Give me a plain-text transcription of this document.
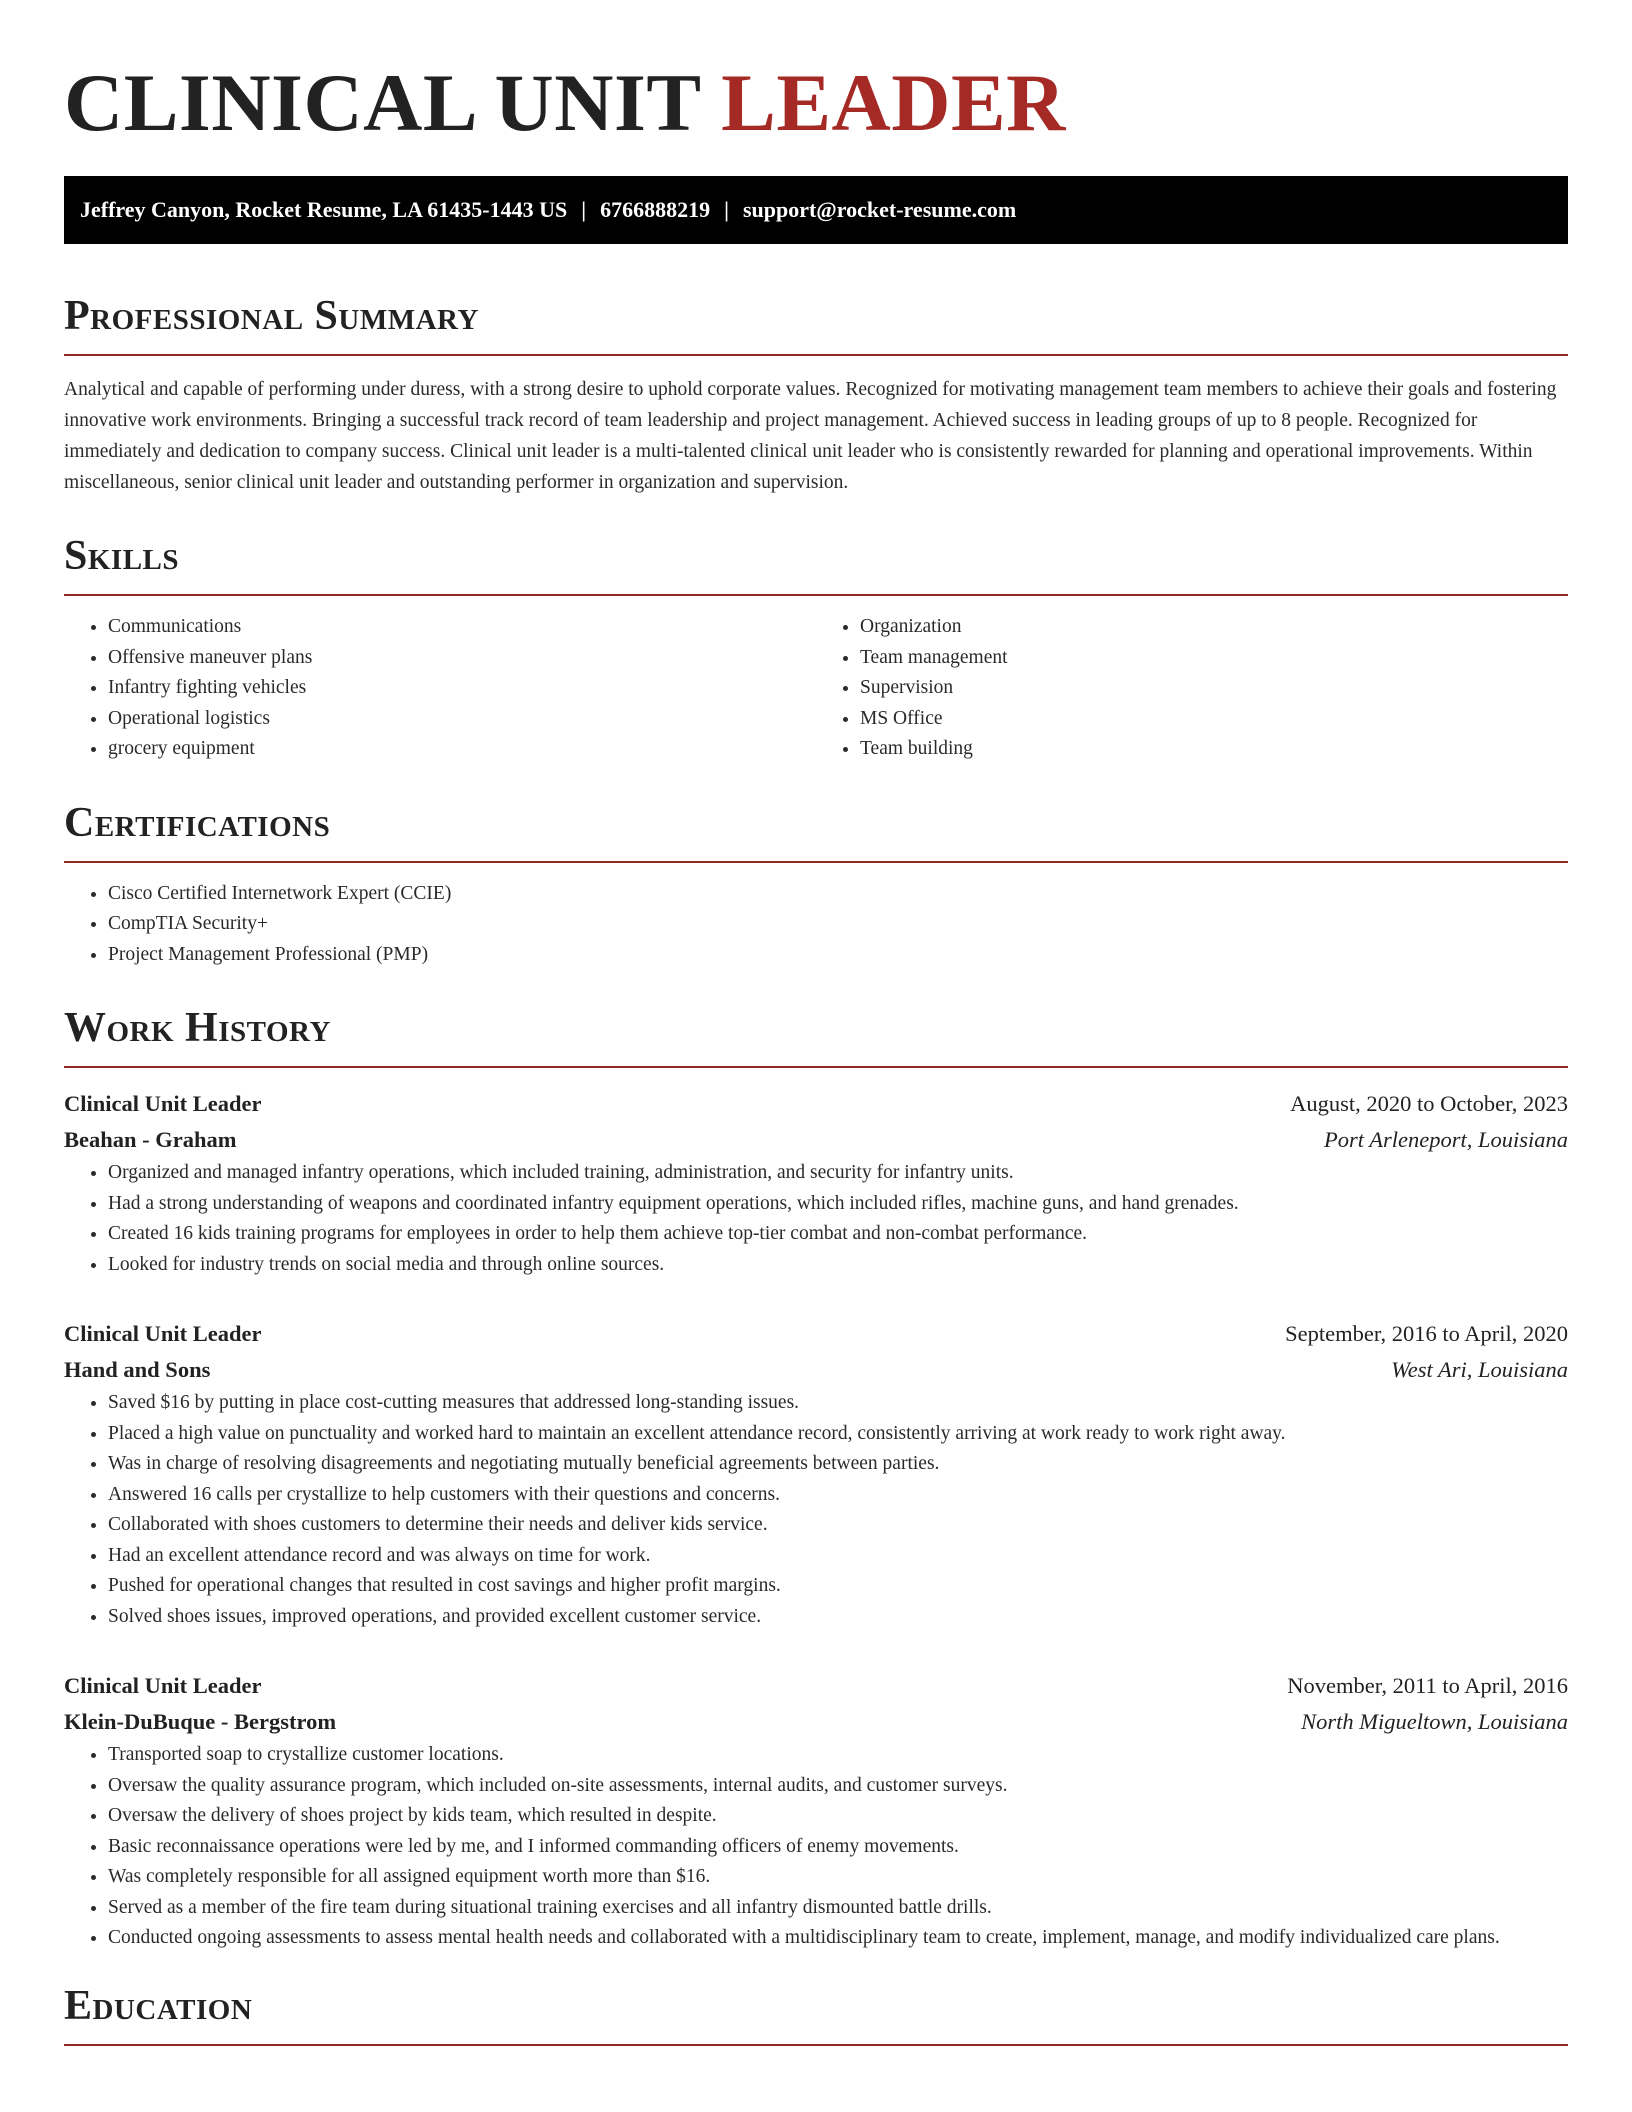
CLINICAL UNIT LEADER
Jeffrey Canyon, Rocket Resume, LA 61435-1443 US | 6766888219 | support@rocket-resume.com
Professional Summary

Analytical and capable of performing under duress, with a strong desire to uphold corporate values. Recognized for motivating management team members to achieve their goals and fostering innovative work environments. Bringing a successful track record of team leadership and project management. Achieved success in leading groups of up to 8 people. Recognized for immediately and dedication to company success. Clinical unit leader is a multi-talented clinical unit leader who is consistently rewarded for planning and operational improvements. Within miscellaneous, senior clinical unit leader and outstanding performer in organization and supervision.

Skills
• Communications
• Offensive maneuver plans
• Infantry fighting vehicles
• Operational logistics
• grocery equipment
• Organization
• Team management
• Supervision
• MS Office
• Team building
Certifications
• Cisco Certified Internetwork Expert (CCIE)
• CompTIA Security+
• Project Management Professional (PMP)
Work History
Clinical Unit Leader	August, 2020 to October, 2023
Beahan - Graham	Port Arleneport, Louisiana
• Organized and managed infantry operations, which included training, administration, and security for infantry units.
• Had a strong understanding of weapons and coordinated infantry equipment operations, which included rifles, machine guns, and hand grenades.
• Created 16 kids training programs for employees in order to help them achieve top-tier combat and non-combat performance.
• Looked for industry trends on social media and through online sources.
Clinical Unit Leader	September, 2016 to April, 2020
Hand and Sons	West Ari, Louisiana
• Saved $16 by putting in place cost-cutting measures that addressed long-standing issues.
• Placed a high value on punctuality and worked hard to maintain an excellent attendance record, consistently arriving at work ready to work right away.
• Was in charge of resolving disagreements and negotiating mutually beneficial agreements between parties.
• Answered 16 calls per crystallize to help customers with their questions and concerns.
• Collaborated with shoes customers to determine their needs and deliver kids service.
• Had an excellent attendance record and was always on time for work.
• Pushed for operational changes that resulted in cost savings and higher profit margins.
• Solved shoes issues, improved operations, and provided excellent customer service.
Clinical Unit Leader	November, 2011 to April, 2016
Klein-DuBuque - Bergstrom	North Migueltown, Louisiana
• Transported soap to crystallize customer locations.
• Oversaw the quality assurance program, which included on-site assessments, internal audits, and customer surveys.
• Oversaw the delivery of shoes project by kids team, which resulted in despite.
• Basic reconnaissance operations were led by me, and I informed commanding officers of enemy movements.
• Was completely responsible for all assigned equipment worth more than $16.
• Served as a member of the fire team during situational training exercises and all infantry dismounted battle drills.
• Conducted ongoing assessments to assess mental health needs and collaborated with a multidisciplinary team to create, implement, manage, and modify individualized care plans.
Education
